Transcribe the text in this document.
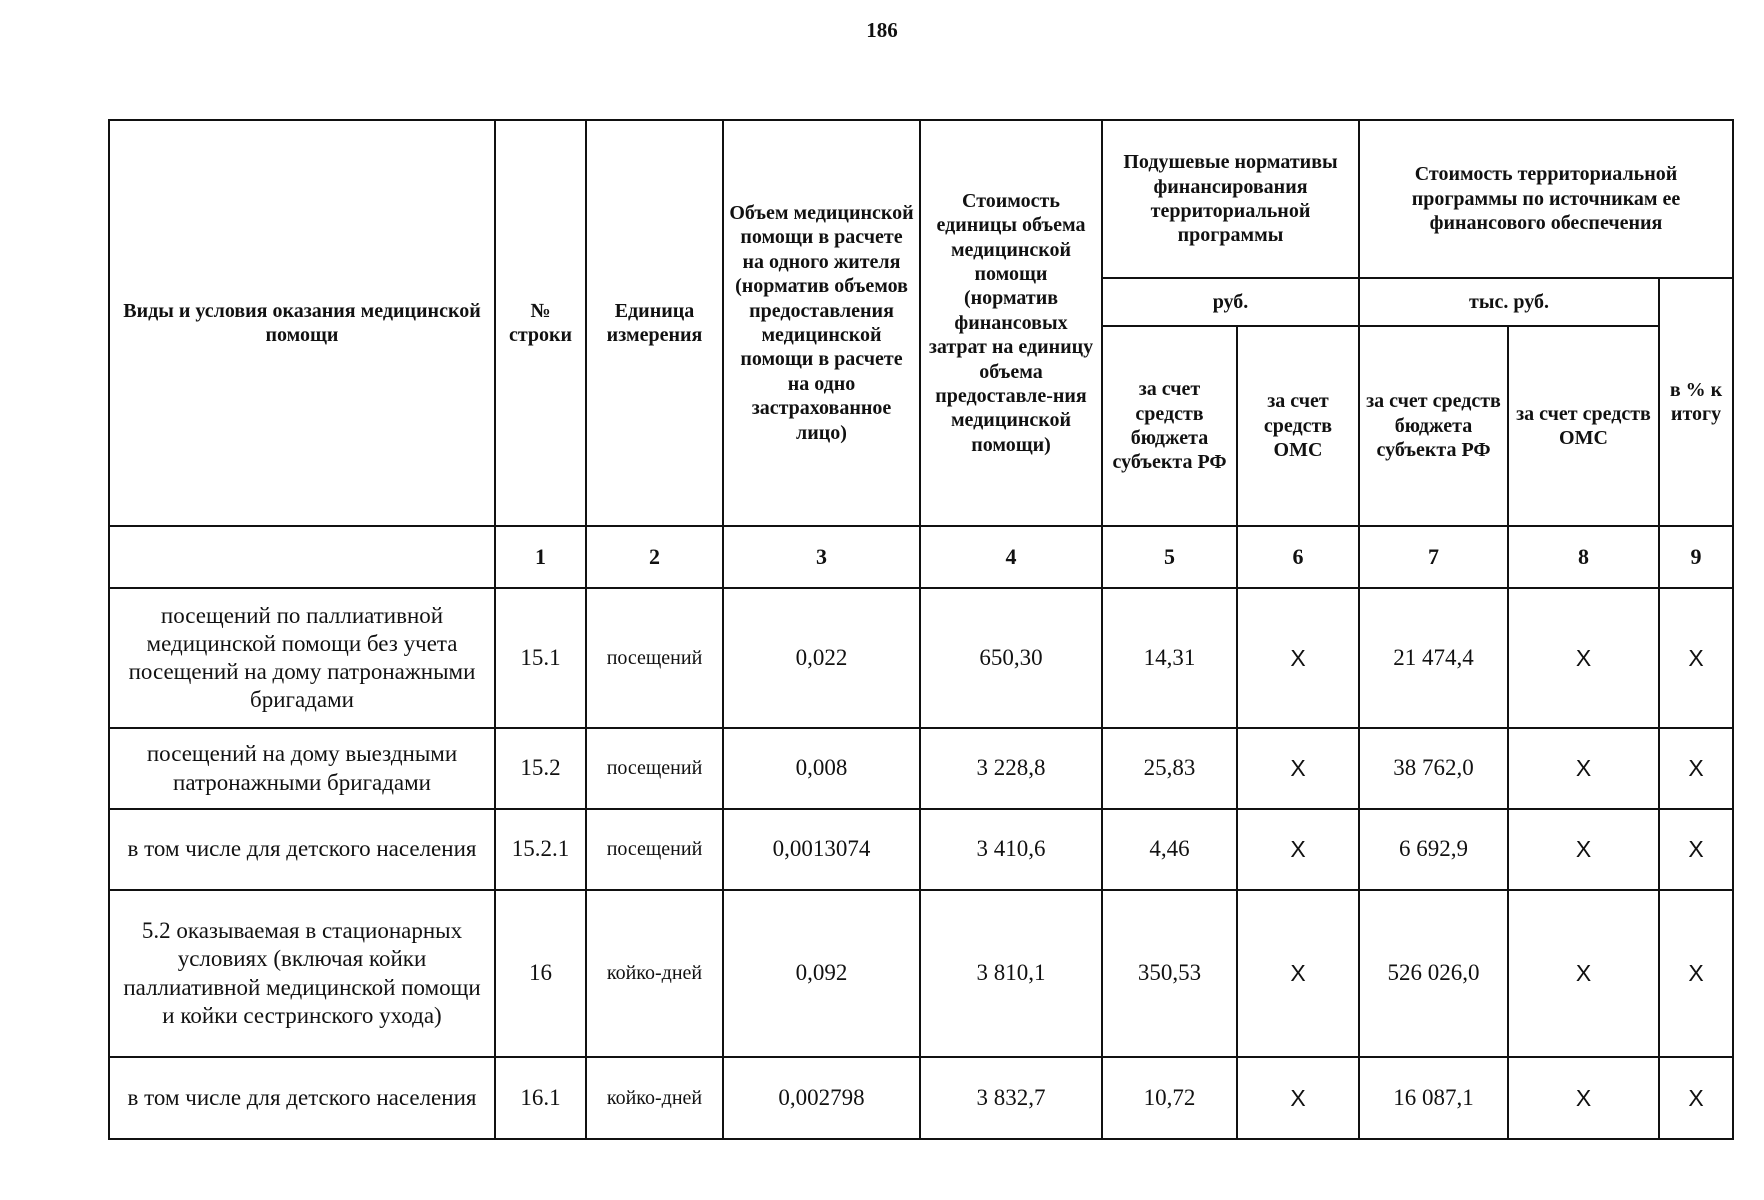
186
Виды и условия оказания медицинской помощи	№ строки	Единица измерения	Объем медицинской помощи в расчете на одного жителя (норматив объемов предоставления медицинской помощи в расчете на одно застрахованное лицо)	Стоимость единицы объема медицинской помощи (норматив финансовых затрат на единицу объема предоставле-ния медицинской помощи)	Подушевые нормативы финансирования территориальной программы		Стоимость территориальной программы по источникам ее финансового обеспечения		
					руб.		тыс. руб.		в % к итогу
					за счет средств бюджета субъекта РФ	за счет средств ОМС	за счет средств бюджета субъекта РФ	за счет средств ОМС	
	1	2	3	4	5	6	7	8	9
посещений по паллиативной медицинской помощи без учета посещений на дому патронажными бригадами	15.1	посещений	0,022	650,30	14,31	Х	21 474,4	Х	Х
посещений на дому выездными патронажными бригадами	15.2	посещений	0,008	3 228,8	25,83	Х	38 762,0	Х	Х
в том числе для детского населения	15.2.1	посещений	0,0013074	3 410,6	4,46	Х	6 692,9	Х	Х
5.2 оказываемая в стационарных условиях (включая койки паллиативной медицинской помощи и койки сестринского ухода)	16	койко-дней	0,092	3 810,1	350,53	Х	526 026,0	Х	Х
в том числе для детского населения	16.1	койко-дней	0,002798	3 832,7	10,72	Х	16 087,1	Х	Х
